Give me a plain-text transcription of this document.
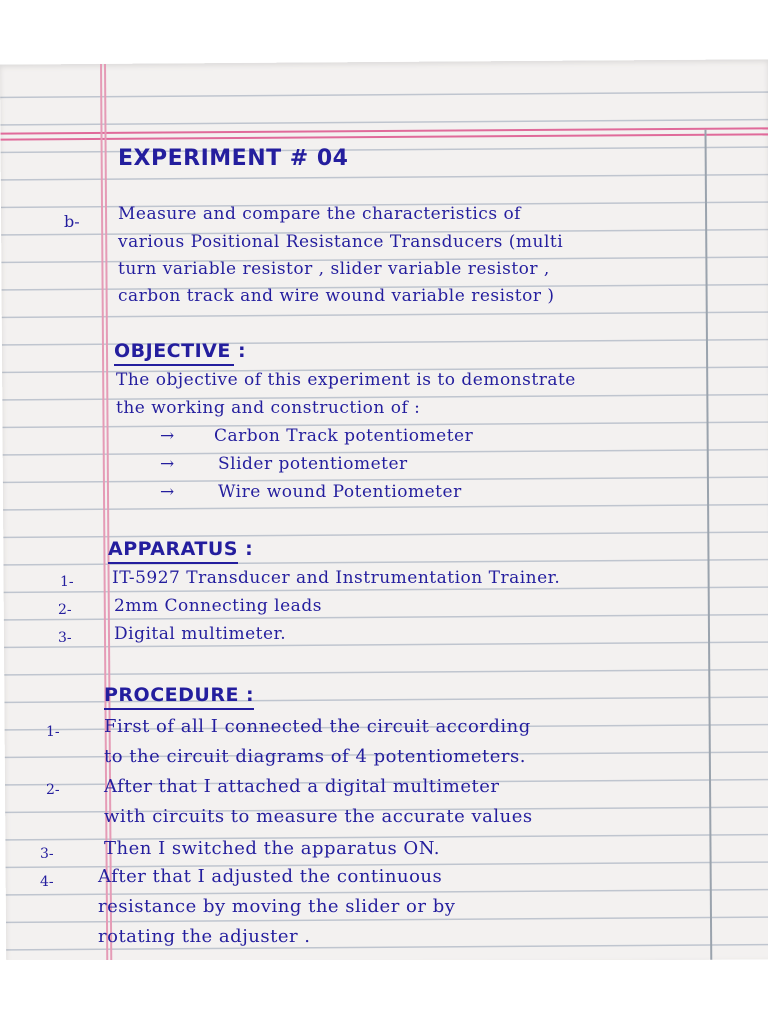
EXPERIMENT # 04
b- Measure and compare the characteristics of
various Positional Resistance Transducers (multi
turn variable resistor , slider variable resistor ,
carbon track and wire wound variable resistor )
OBJECTIVE :
The objective of this experiment is to demonstrate
the working and construction of :
→ Carbon Track potentiometer
→	Slider potentiometer
→	Wire wound Potentiometer
APPARATUS :
1- IT-5927 Transducer and Instrumentation Trainer.
2- 2mm Connecting leads
3- Digital multimeter.
PROCEDURE :
1- First of all I connected the circuit according
to the circuit diagrams of 4 potentiometers.
2- After that I attached a digital multimeter
with circuits to measure the accurate values
3-	Then I switched the apparatus ON.
4- After that I adjusted the continuous
resistance by moving the slider or by
rotating the adjuster .
